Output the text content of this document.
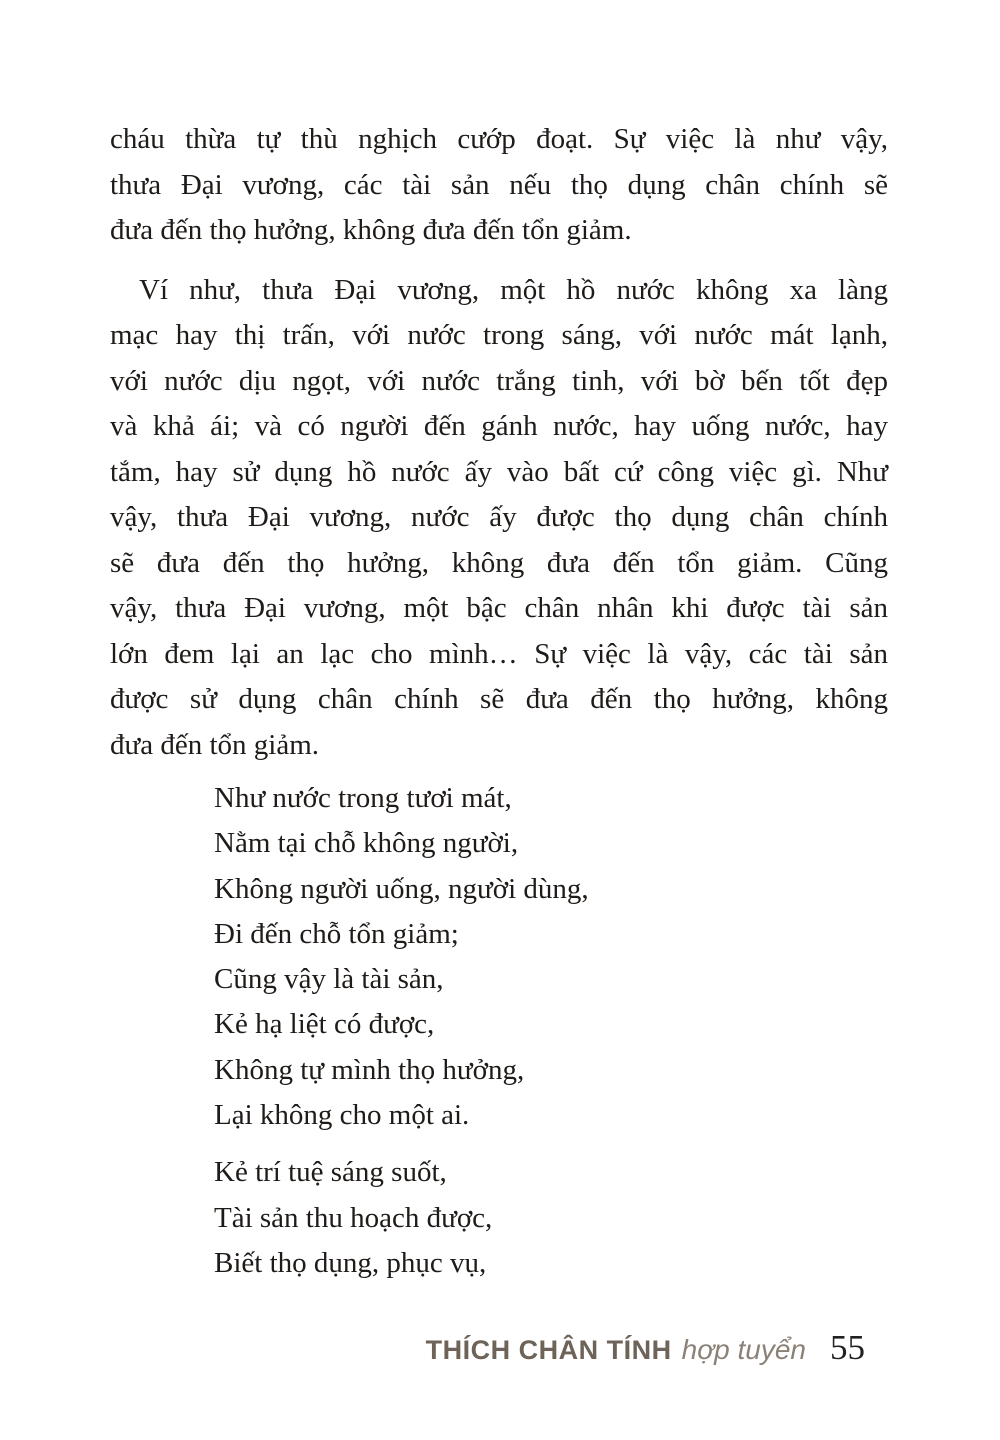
cháu thừa tự thù nghịch cướp đoạt. Sự việc là như vậy,
thưa Đại vương, các tài sản nếu thọ dụng chân chính sẽ
đưa đến thọ hưởng, không đưa đến tổn giảm.
Ví như, thưa Đại vương, một hồ nước không xa làng
mạc hay thị trấn, với nước trong sáng, với nước mát lạnh,
với nước dịu ngọt, với nước trắng tinh, với bờ bến tốt đẹp
và khả ái; và có người đến gánh nước, hay uống nước, hay
tắm, hay sử dụng hồ nước ấy vào bất cứ công việc gì. Như
vậy, thưa Đại vương, nước ấy được thọ dụng chân chính
sẽ đưa đến thọ hưởng, không đưa đến tổn giảm. Cũng
vậy, thưa Đại vương, một bậc chân nhân khi được tài sản
lớn đem lại an lạc cho mình… Sự việc là vậy, các tài sản
được sử dụng chân chính sẽ đưa đến thọ hưởng, không
đưa đến tổn giảm.
Như nước trong tươi mát,
Nằm tại chỗ không người,
Không người uống, người dùng,
Đi đến chỗ tổn giảm;
Cũng vậy là tài sản,
Kẻ hạ liệt có được,
Không tự mình thọ hưởng,
Lại không cho một ai.
Kẻ trí tuệ sáng suốt,
Tài sản thu hoạch được,
Biết thọ dụng, phục vụ,
THÍCH CHÂN TÍNH hợp tuyển 55
